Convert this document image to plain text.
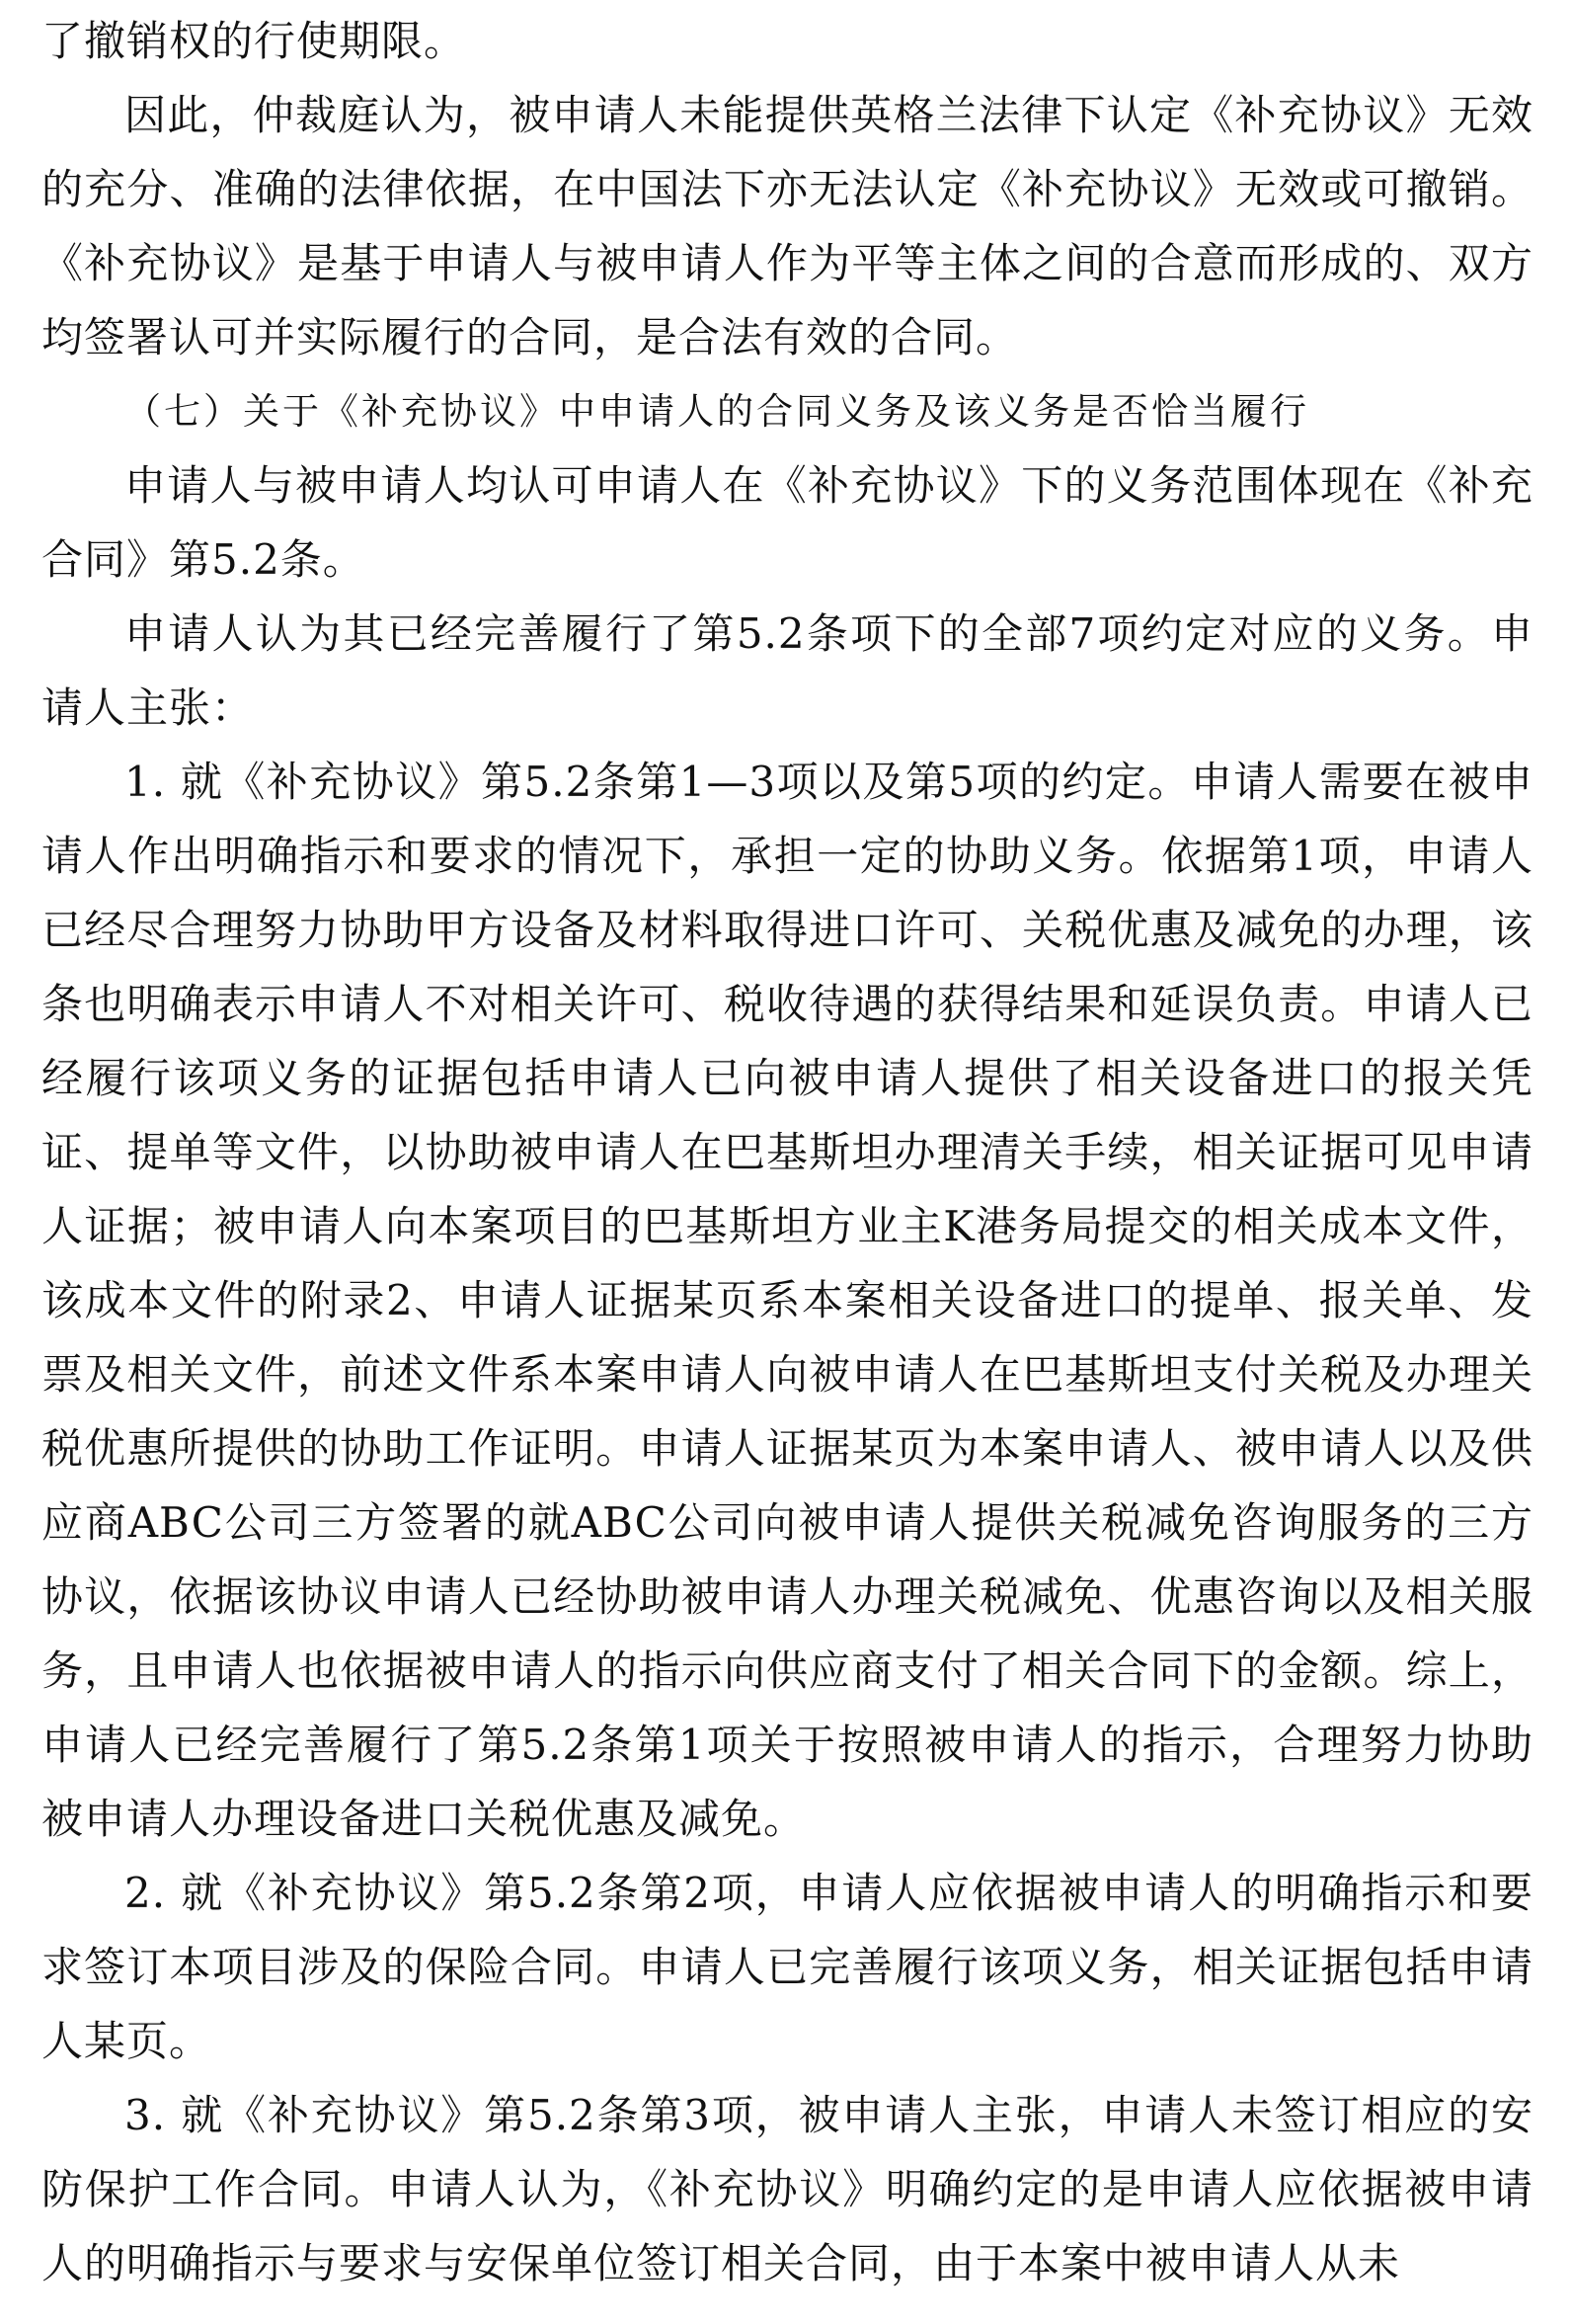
了撤销权的行使期限。

因此，仲裁庭认为，被申请人未能提供英格兰法律下认定《补充协议》无效的充分、准确的法律依据，在中国法下亦无法认定《补充协议》无效或可撤销。《补充协议》是基于申请人与被申请人作为平等主体之间的合意而形成的、双方均签署认可并实际履行的合同，是合法有效的合同。

（七）关于《补充协议》中申请人的合同义务及该义务是否恰当履行

申请人与被申请人均认可申请人在《补充协议》下的义务范围体现在《补充合同》第5.2条。

申请人认为其已经完善履行了第5.2条项下的全部7项约定对应的义务。申请人主张：

1. 就《补充协议》第5.2条第1—3项以及第5项的约定。申请人需要在被申请人作出明确指示和要求的情况下，承担一定的协助义务。依据第1项，申请人已经尽合理努力协助甲方设备及材料取得进口许可、关税优惠及减免的办理，该条也明确表示申请人不对相关许可、税收待遇的获得结果和延误负责。申请人已经履行该项义务的证据包括申请人已向被申请人提供了相关设备进口的报关凭证、提单等文件，以协助被申请人在巴基斯坦办理清关手续，相关证据可见申请人证据；被申请人向本案项目的巴基斯坦方业主K港务局提交的相关成本文件，该成本文件的附录2、申请人证据某页系本案相关设备进口的提单、报关单、发票及相关文件，前述文件系本案申请人向被申请人在巴基斯坦支付关税及办理关税优惠所提供的协助工作证明。申请人证据某页为本案申请人、被申请人以及供应商ABC公司三方签署的就ABC公司向被申请人提供关税减免咨询服务的三方协议，依据该协议申请人已经协助被申请人办理关税减免、优惠咨询以及相关服务，且申请人也依据被申请人的指示向供应商支付了相关合同下的金额。综上，申请人已经完善履行了第5.2条第1项关于按照被申请人的指示，合理努力协助被申请人办理设备进口关税优惠及减免。

2. 就《补充协议》第5.2条第2项，申请人应依据被申请人的明确指示和要求签订本项目涉及的保险合同。申请人已完善履行该项义务，相关证据包括申请人某页。

3. 就《补充协议》第5.2条第3项，被申请人主张，申请人未签订相应的安防保护工作合同。申请人认为，《补充协议》明确约定的是申请人应依据被申请人的明确指示与要求与安保单位签订相关合同，由于本案中被申请人从未
